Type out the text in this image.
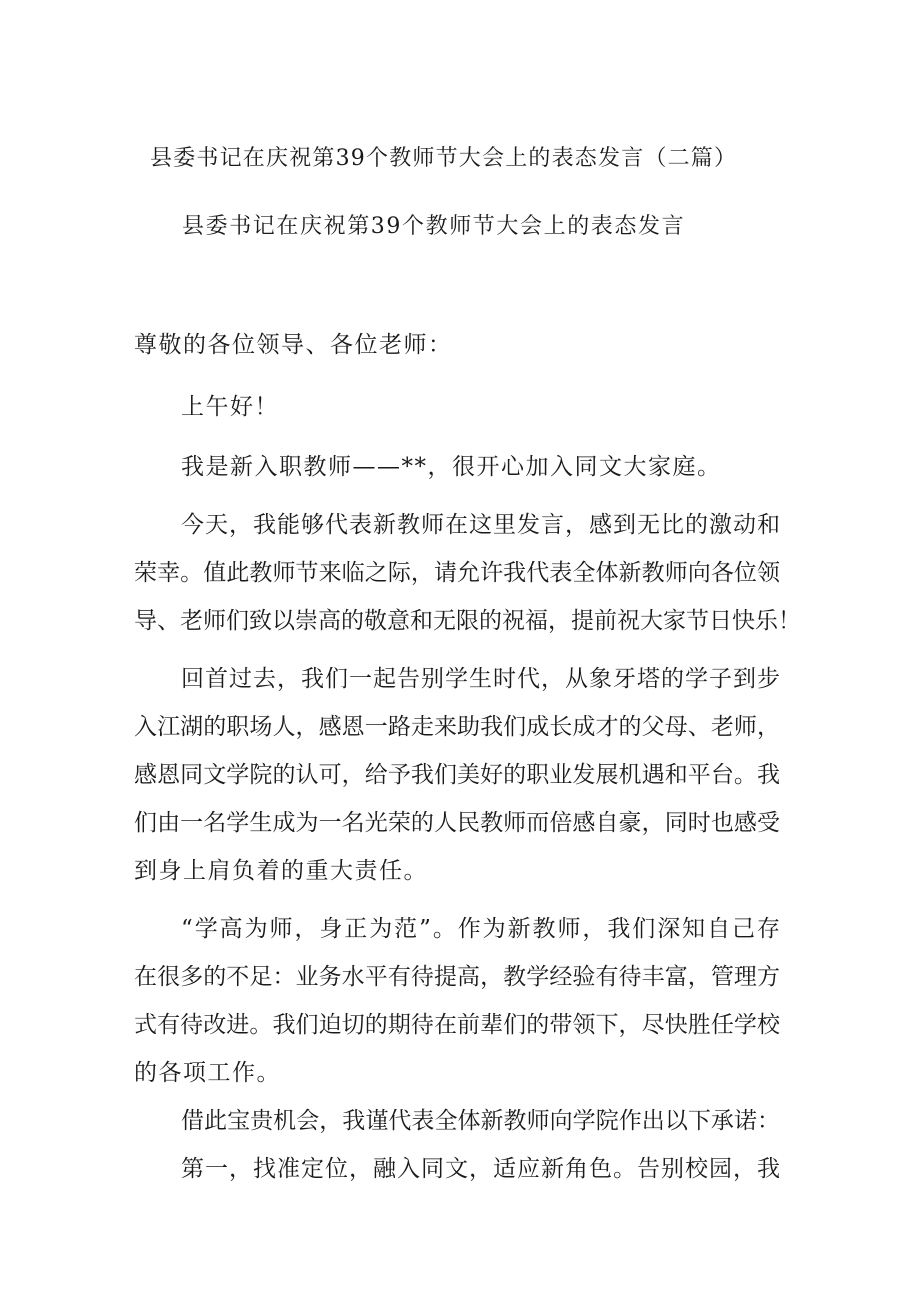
县委书记在庆祝第39个教师节大会上的表态发言（二篇）
县委书记在庆祝第39个教师节大会上的表态发言
尊敬的各位领导、各位老师：
上午好！
我是新入职教师——**，很开心加入同文大家庭。
今天，我能够代表新教师在这里发言，感到无比的激动和
荣幸。值此教师节来临之际，请允许我代表全体新教师向各位领
导、老师们致以崇高的敬意和无限的祝福，提前祝大家节日快乐！
回首过去，我们一起告别学生时代，从象牙塔的学子到步
入江湖的职场人，感恩一路走来助我们成长成才的父母、老师，
感恩同文学院的认可，给予我们美好的职业发展机遇和平台。我
们由一名学生成为一名光荣的人民教师而倍感自豪，同时也感受
到身上肩负着的重大责任。
“学高为师，身正为范”。作为新教师，我们深知自己存
在很多的不足：业务水平有待提高，教学经验有待丰富，管理方
式有待改进。我们迫切的期待在前辈们的带领下，尽快胜任学校
的各项工作。
借此宝贵机会，我谨代表全体新教师向学院作出以下承诺：
第一，找准定位，融入同文，适应新角色。告别校园，我
